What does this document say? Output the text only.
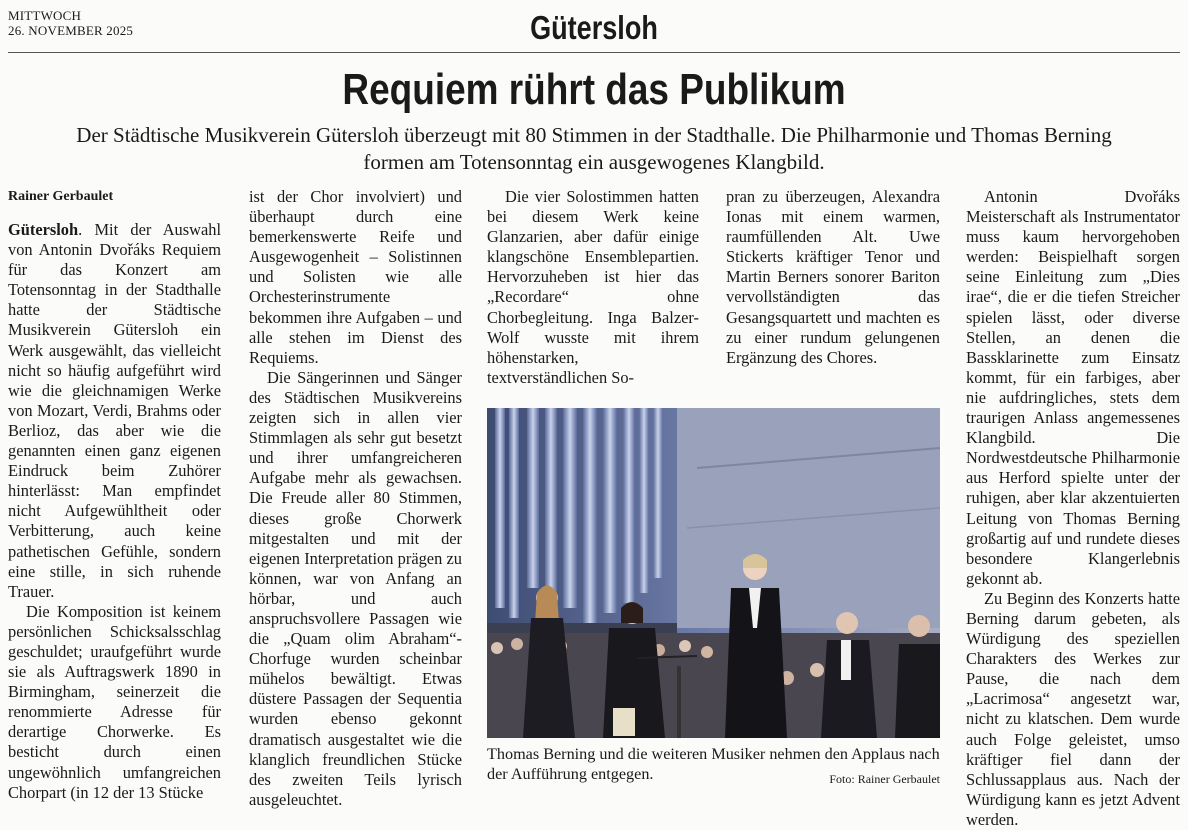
MITTWOCH
26. NOVEMBER 2025	Gütersloh
Requiem rührt das Publikum
Der Städtische Musikverein Gütersloh überzeugt mit 80 Stimmen in der Stadthalle. Die Philharmonie und Thomas Berning formen am Totensonntag ein ausgewogenes Klangbild.

Rainer Gerbaulet

Gütersloh. Mit der Auswahl von Antonin Dvořáks Requiem für das Konzert am Totensonntag in der Stadthalle hatte der Städtische Musikverein Gütersloh ein Werk ausgewählt, das vielleicht nicht so häufig aufgeführt wird wie die gleichnamigen Werke von Mozart, Verdi, Brahms oder Berlioz, das aber wie die genannten einen ganz eigenen Eindruck beim Zuhörer hinterlässt: Man empfindet nicht Aufgewühltheit oder Verbitterung, auch keine pathetischen Gefühle, sondern eine stille, in sich ruhende Trauer.

Die Komposition ist keinem persönlichen Schicksalsschlag geschuldet; uraufgeführt wurde sie als Auftragswerk 1890 in Birmingham, seinerzeit die renommierte Adresse für derartige Chorwerke. Es besticht durch einen ungewöhnlich umfangreichen Chorpart (in 12 der 13 Stücke

ist der Chor involviert) und überhaupt durch eine bemerkenswerte Reife und Ausgewogenheit – Solistinnen und Solisten wie alle Orchesterinstrumente bekommen ihre Aufgaben – und alle stehen im Dienst des Requiems.

Die Sängerinnen und Sänger des Städtischen Musikvereins zeigten sich in allen vier Stimmlagen als sehr gut besetzt und ihrer umfangreicheren Aufgabe mehr als gewachsen. Die Freude aller 80 Stimmen, dieses große Chorwerk mitgestalten und mit der eigenen Interpretation prägen zu können, war von Anfang an hörbar, und auch anspruchsvollere Passagen wie die „Quam olim Abraham“-Chorfuge wurden scheinbar mühelos bewältigt. Etwas düstere Passagen der Sequentia wurden ebenso gekonnt dramatisch ausgestaltet wie die klanglich freundlichen Stücke des zweiten Teils lyrisch ausgeleuchtet.

Die vier Solostimmen hatten bei diesem Werk keine Glanzarien, aber dafür einige klangschöne Ensemblepartien. Hervorzuheben ist hier das „Recordare“ ohne Chorbegleitung. Inga Balzer-Wolf wusste mit ihrem höhenstarken, textverständlichen So-

pran zu überzeugen, Alexandra Ionas mit einem warmen, raumfüllenden Alt. Uwe Stickerts kräftiger Tenor und Martin Berners sonorer Bariton vervollständigten das Gesangsquartett und machten es zu einer rundum gelungenen Ergänzung des Chores.

Antonin Dvořáks Meisterschaft als Instrumentator muss kaum hervorgehoben werden: Beispielhaft sorgen seine Einleitung zum „Dies irae“, die er die tiefen Streicher spielen lässt, oder diverse Stellen, an denen die Bassklarinette zum Einsatz kommt, für ein farbiges, aber nie aufdringliches, stets dem traurigen Anlass angemessenes Klangbild. Die Nordwestdeutsche Philharmonie aus Herford spielte unter der ruhigen, aber klar akzentuierten Leitung von Thomas Berning großartig auf und rundete dieses besondere Klangerlebnis gekonnt ab.

Zu Beginn des Konzerts hatte Berning darum gebeten, als Würdigung des speziellen Charakters des Werkes zur Pause, die nach dem „Lacrimosa“ angesetzt war, nicht zu klatschen. Dem wurde auch Folge geleistet, umso kräftiger fiel dann der Schlussapplaus aus. Nach der Würdigung kann es jetzt Advent werden.

Thomas Berning und die weiteren Musiker nehmen den Applaus nach der Aufführung entgegen.	Foto: Rainer Gerbaulet
